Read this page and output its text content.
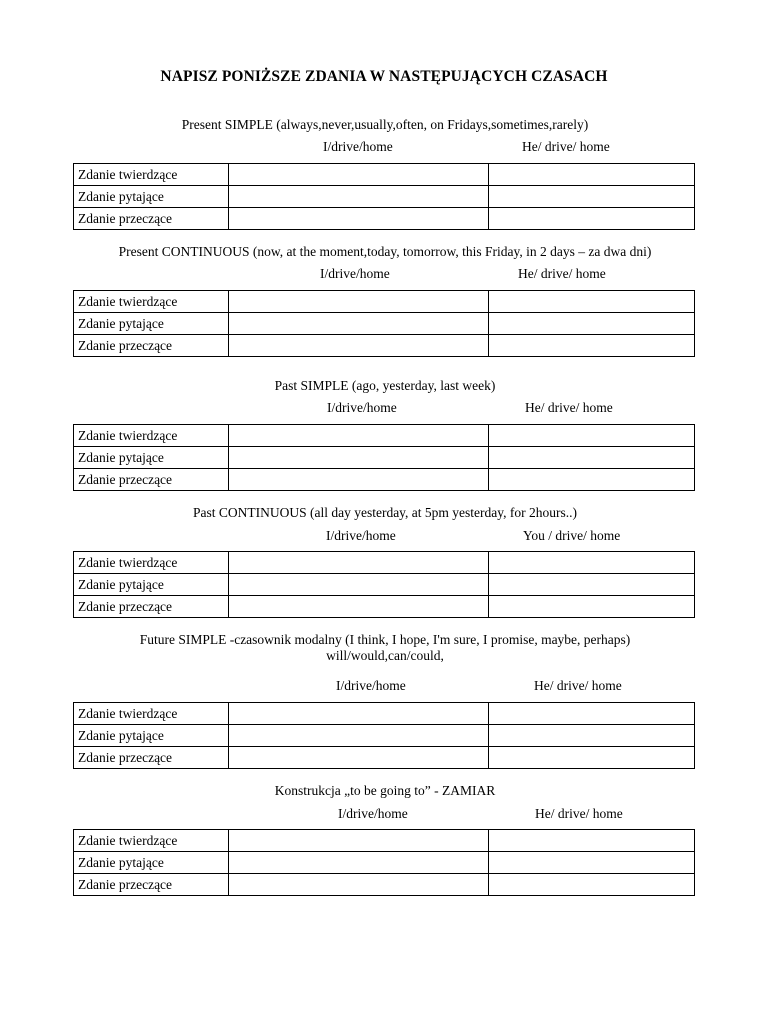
NAPISZ PONIŻSZE ZDANIA W NASTĘPUJĄCYCH CZASACH
Present SIMPLE (always,never,usually,often, on Fridays,sometimes,rarely)
I/drive/home	He/ drive/ home
Zdanie twierdzące		
Zdanie pytające		
Zdanie przeczące		
Present CONTINUOUS (now, at the moment,today, tomorrow, this Friday, in 2 days – za dwa dni)
I/drive/home	He/ drive/ home
Zdanie twierdzące		
Zdanie pytające		
Zdanie przeczące		
Past SIMPLE (ago, yesterday, last week)
I/drive/home	He/ drive/ home
Zdanie twierdzące		
Zdanie pytające		
Zdanie przeczące		
Past CONTINUOUS (all day yesterday, at 5pm yesterday, for 2hours..)
I/drive/home	You / drive/ home
Zdanie twierdzące		
Zdanie pytające		
Zdanie przeczące		
Future SIMPLE -czasownik modalny (I think, I hope, I'm sure, I promise, maybe, perhaps)
will/would,can/could,
I/drive/home	He/ drive/ home
Zdanie twierdzące		
Zdanie pytające		
Zdanie przeczące		
Konstrukcja „to be going to” - ZAMIAR
I/drive/home	He/ drive/ home
Zdanie twierdzące		
Zdanie pytające		
Zdanie przeczące		
